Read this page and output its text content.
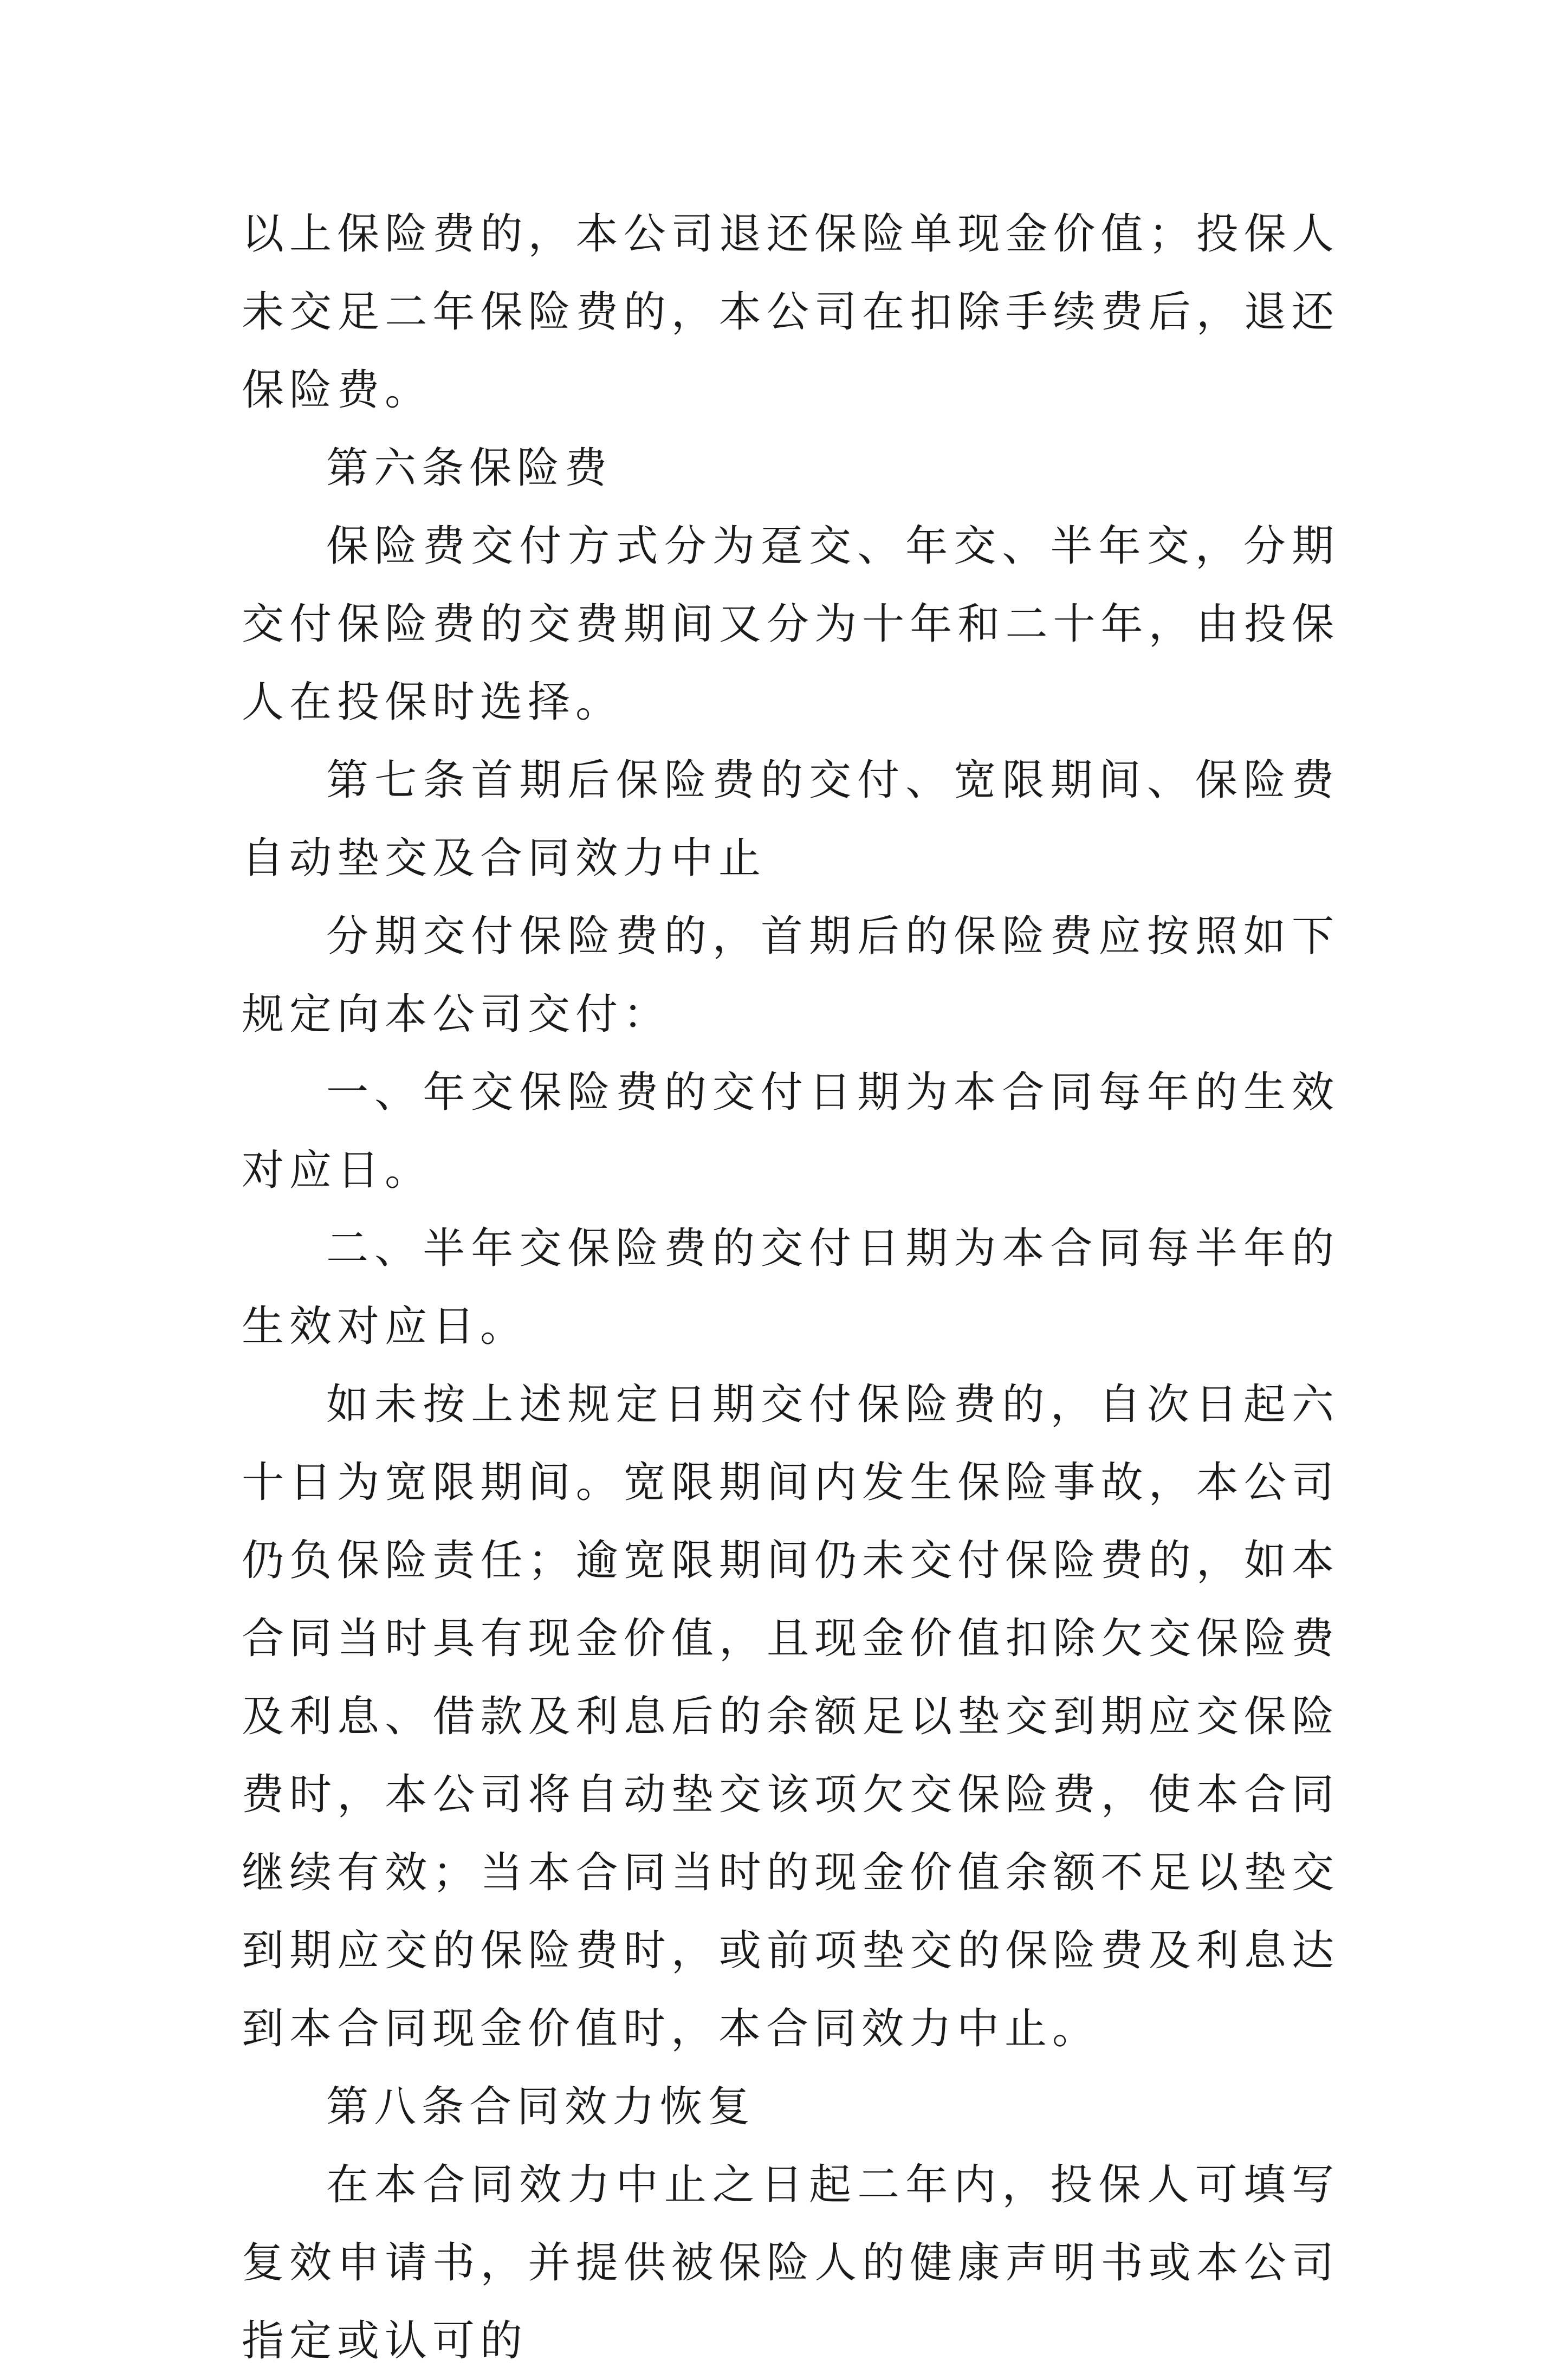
以上保险费的，本公司退还保险单现金价值；投保人未交足二年保险费的，本公司在扣除手续费后，退还保险费。

第六条保险费

保险费交付方式分为趸交、年交、半年交，分期交付保险费的交费期间又分为十年和二十年，由投保人在投保时选择。

第七条首期后保险费的交付、宽限期间、保险费自动垫交及合同效力中止

分期交付保险费的，首期后的保险费应按照如下规定向本公司交付：

一、年交保险费的交付日期为本合同每年的生效对应日。

二、半年交保险费的交付日期为本合同每半年的生效对应日。

如未按上述规定日期交付保险费的，自次日起六十日为宽限期间。宽限期间内发生保险事故，本公司仍负保险责任；逾宽限期间仍未交付保险费的，如本合同当时具有现金价值，且现金价值扣除欠交保险费及利息、借款及利息后的余额足以垫交到期应交保险费时，本公司将自动垫交该项欠交保险费，使本合同继续有效；当本合同当时的现金价值余额不足以垫交到期应交的保险费时，或前项垫交的保险费及利息达到本合同现金价值时，本合同效力中止。

第八条合同效力恢复

在本合同效力中止之日起二年内，投保人可填写复效申请书，并提供被保险人的健康声明书或本公司指定或认可的
